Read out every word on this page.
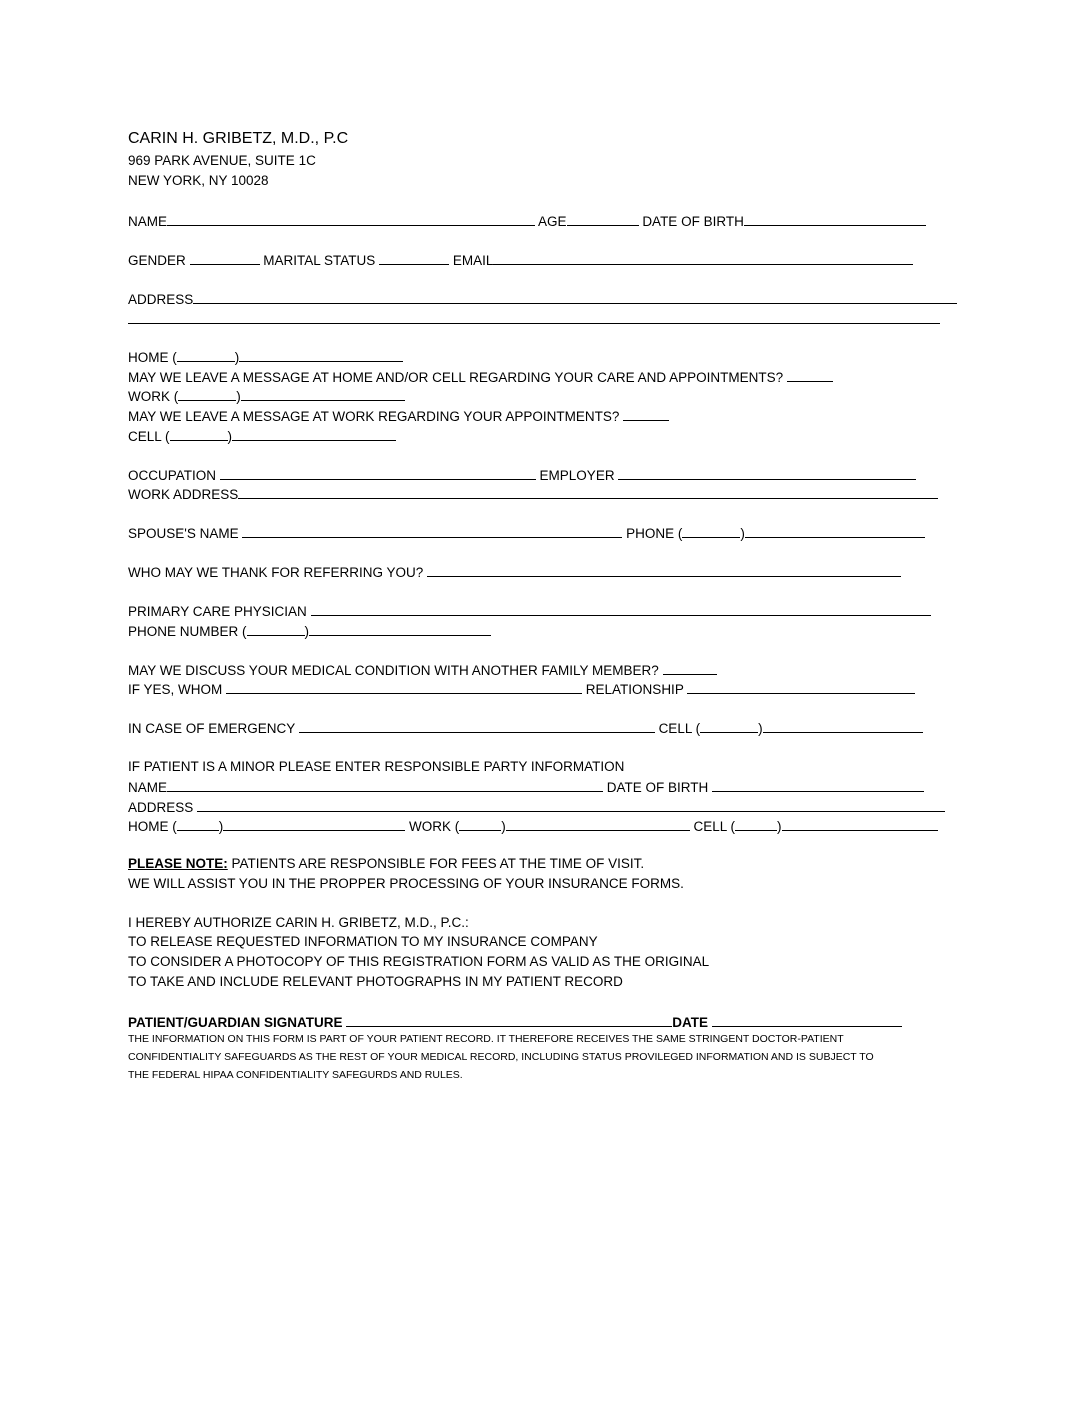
CARIN H. GRIBETZ, M.D., P.C
969 PARK AVENUE, SUITE 1C
NEW YORK, NY 10028
NAME	AGE	DATE OF BIRTH
GENDER	MARITAL STATUS	EMAIL
ADDRESS
HOME (	)
MAY WE LEAVE A MESSAGE AT HOME AND/OR CELL REGARDING YOUR CARE AND APPOINTMENTS?
WORK (	)
MAY WE LEAVE A MESSAGE AT WORK REGARDING YOUR APPOINTMENTS?
CELL (	)
OCCUPATION	EMPLOYER
WORK ADDRESS
SPOUSE'S NAME	PHONE (	)
WHO MAY WE THANK FOR REFERRING YOU?
PRIMARY CARE PHYSICIAN
PHONE NUMBER (	)
MAY WE DISCUSS YOUR MEDICAL CONDITION WITH ANOTHER FAMILY MEMBER?
IF YES, WHOM	RELATIONSHIP
IN CASE OF EMERGENCY	CELL (	)
IF PATIENT IS A MINOR PLEASE ENTER RESPONSIBLE PARTY INFORMATION
NAME	DATE OF BIRTH
ADDRESS
HOME (	)	WORK (	)	CELL (	)
PLEASE NOTE: PATIENTS ARE RESPONSIBLE FOR FEES AT THE TIME OF VISIT.
WE WILL ASSIST YOU IN THE PROPPER PROCESSING OF YOUR INSURANCE FORMS.
I HEREBY AUTHORIZE CARIN H. GRIBETZ, M.D., P.C.:
TO RELEASE REQUESTED INFORMATION TO MY INSURANCE COMPANY
TO CONSIDER A PHOTOCOPY OF THIS REGISTRATION FORM AS VALID AS THE ORIGINAL
TO TAKE AND INCLUDE RELEVANT PHOTOGRAPHS IN MY PATIENT RECORD
PATIENT/GUARDIAN SIGNATURE	DATE
THE INFORMATION ON THIS FORM IS PART OF YOUR PATIENT RECORD. IT THEREFORE RECEIVES THE SAME STRINGENT DOCTOR-PATIENT
CONFIDENTIALITY SAFEGUARDS AS THE REST OF YOUR MEDICAL RECORD, INCLUDING STATUS PROVILEGED INFORMATION AND IS SUBJECT TO
THE FEDERAL HIPAA CONFIDENTIALITY SAFEGURDS AND RULES.
